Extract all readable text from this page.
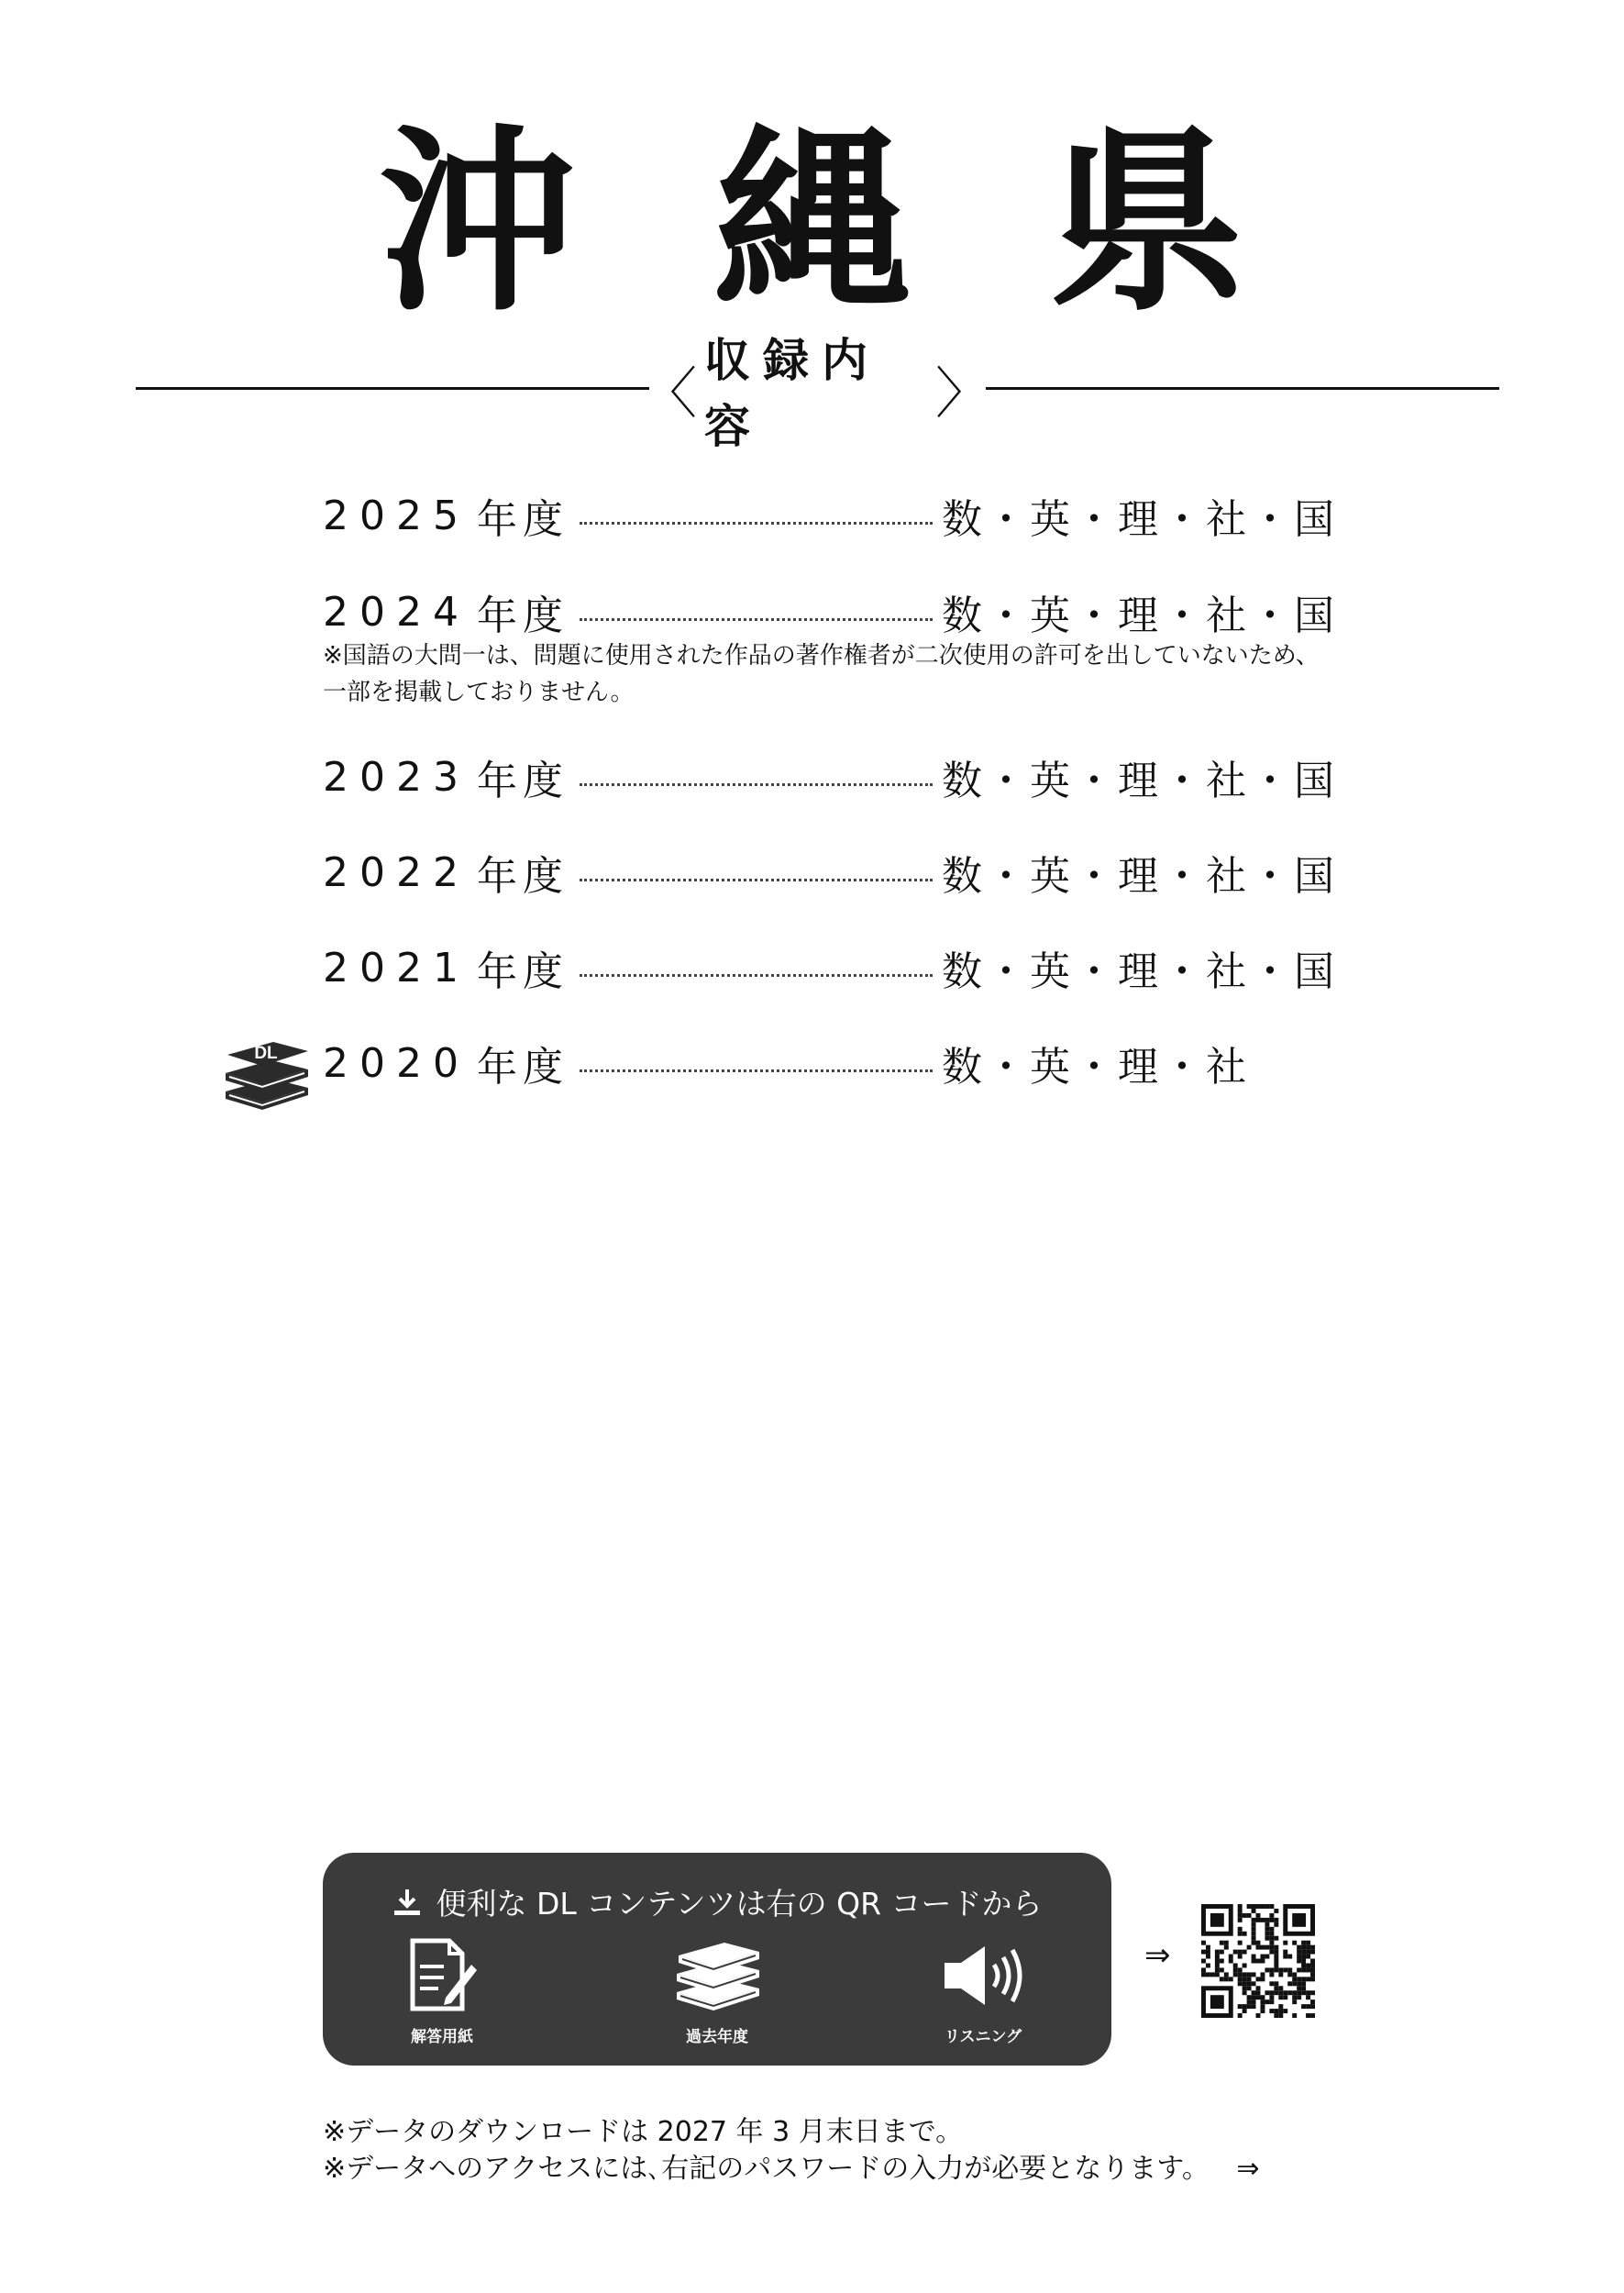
沖縄県
〈
収録内容	〉
2025 年度	数・英・理・社・国
2024 年度	数・英・理・社・国
※国語の大問一は、問題に使用された作品の著作権者が二次使用の許可を出していないため、一部を掲載しておりません。
2023 年度	数・英・理・社・国
2022 年度	数・英・理・社・国
2021 年度	数・英・理・社・国
2020 年度	数・英・理・社
DL
便利な DL コンテンツは右の QR コードから
解答用紙	過去年度	リスニング
⇒
※データのダウンロードは 2027 年 3 月末日まで。
※データへのアクセスには､右記のパスワードの入力が必要となります。 ⇒
